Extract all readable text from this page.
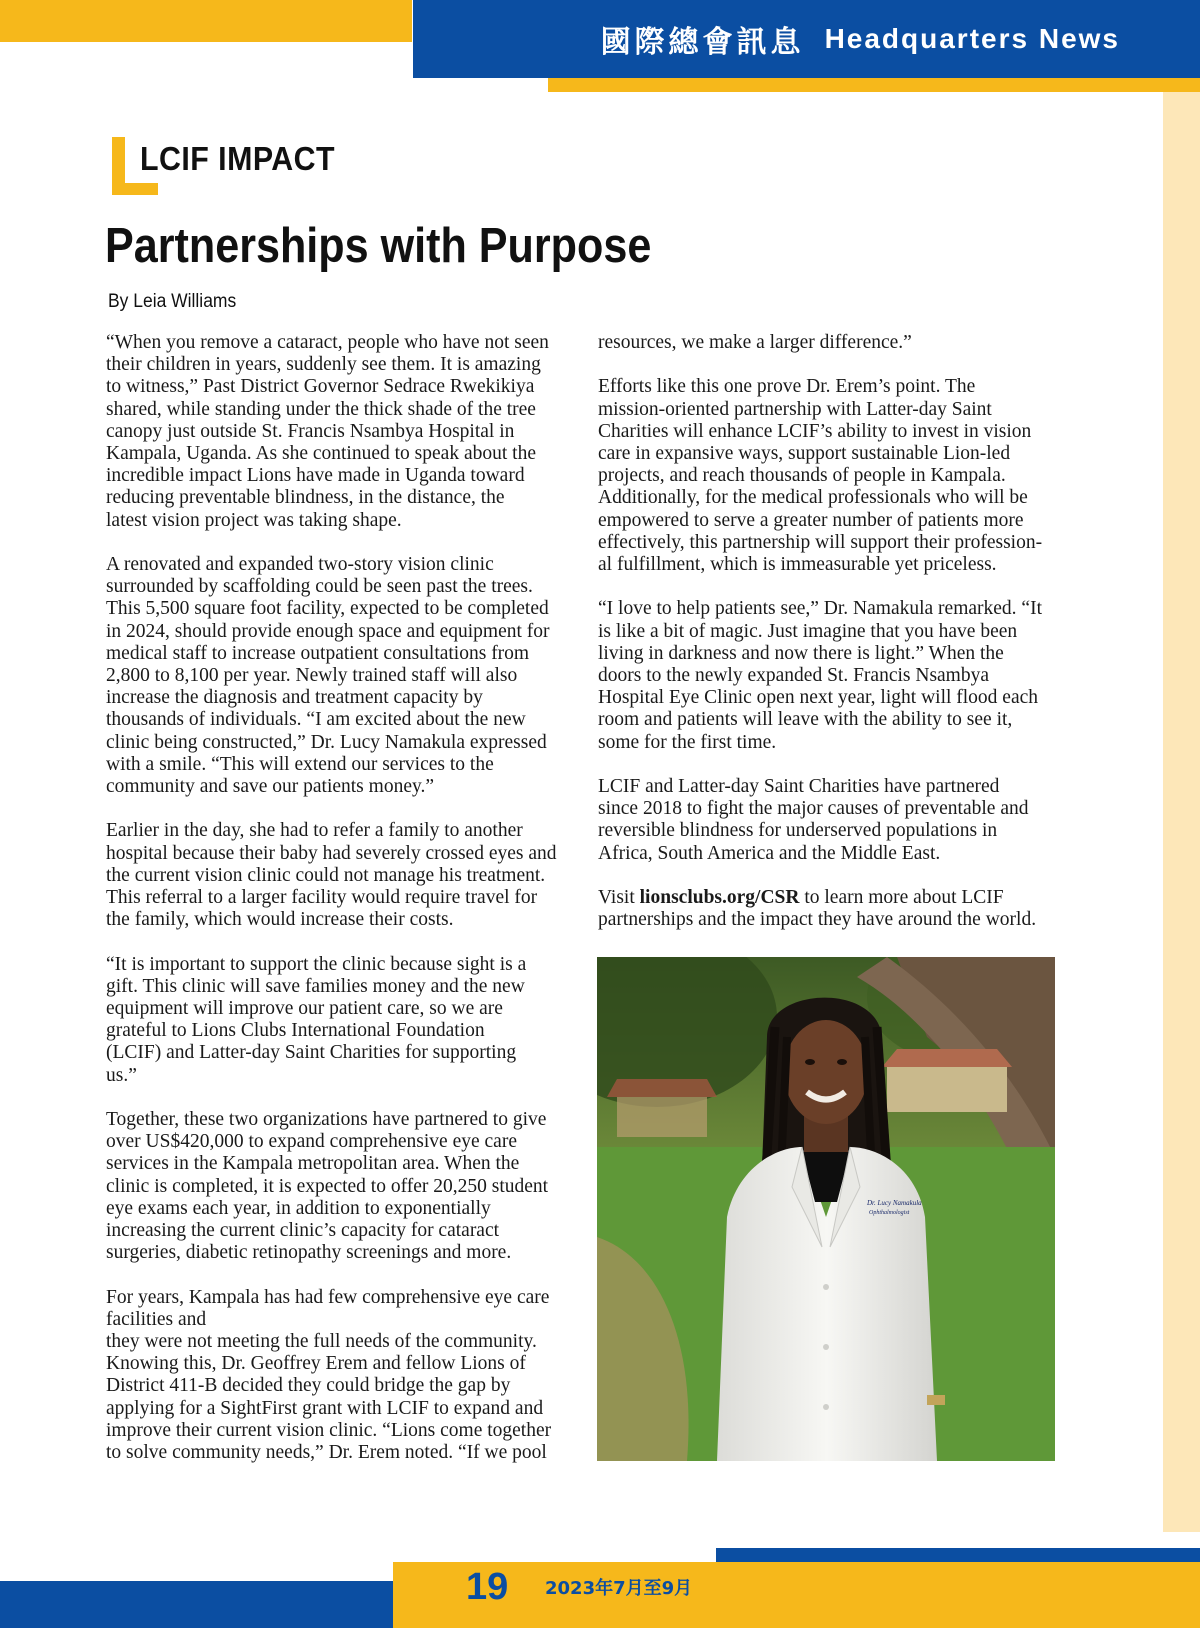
國際總會訊息 Headquarters News
LCIF IMPACT
Partnerships with Purpose
By Leia Williams

“When you remove a cataract, people who have not seen
their children in years, suddenly see them. It is amazing
to witness,” Past District Governor Sedrace Rwekikiya
shared, while standing under the thick shade of the tree
canopy just outside St. Francis Nsambya Hospital in
Kampala, Uganda. As she continued to speak about the
incredible impact Lions have made in Uganda toward
reducing preventable blindness, in the distance, the
latest vision project was taking shape.

A renovated and expanded two-story vision clinic
surrounded by scaffolding could be seen past the trees.
This 5,500 square foot facility, expected to be completed
in 2024, should provide enough space and equipment for
medical staff to increase outpatient consultations from
2,800 to 8,100 per year. Newly trained staff will also
increase the diagnosis and treatment capacity by
thousands of individuals. “I am excited about the new
clinic being constructed,” Dr. Lucy Namakula expressed
with a smile. “This will extend our services to the
community and save our patients money.”

Earlier in the day, she had to refer a family to another
hospital because their baby had severely crossed eyes and
the current vision clinic could not manage his treatment.
This referral to a larger facility would require travel for
the family, which would increase their costs.

“It is important to support the clinic because sight is a
gift. This clinic will save families money and the new
equipment will improve our patient care, so we are
grateful to Lions Clubs International Foundation
(LCIF) and Latter-day Saint Charities for supporting
us.”

Together, these two organizations have partnered to give
over US$420,000 to expand comprehensive eye care
services in the Kampala metropolitan area. When the
clinic is completed, it is expected to offer 20,250 student
eye exams each year, in addition to exponentially
increasing the current clinic’s capacity for cataract
surgeries, diabetic retinopathy screenings and more.

For years, Kampala has had few comprehensive eye care
facilities and
they were not meeting the full needs of the community.
Knowing this, Dr. Geoffrey Erem and fellow Lions of
District 411-B decided they could bridge the gap by
applying for a SightFirst grant with LCIF to expand and
improve their current vision clinic. “Lions come together
to solve community needs,” Dr. Erem noted. “If we pool

resources, we make a larger difference.”

Efforts like this one prove Dr. Erem’s point. The
mission-oriented partnership with Latter-day Saint
Charities will enhance LCIF’s ability to invest in vision
care in expansive ways, support sustainable Lion-led
projects, and reach thousands of people in Kampala.
Additionally, for the medical professionals who will be
empowered to serve a greater number of patients more
effectively, this partnership will support their profession-
al fulfillment, which is immeasurable yet priceless.

“I love to help patients see,” Dr. Namakula remarked. “It
is like a bit of magic. Just imagine that you have been
living in darkness and now there is light.” When the
doors to the newly expanded St. Francis Nsambya
Hospital Eye Clinic open next year, light will flood each
room and patients will leave with the ability to see it,
some for the first time.

LCIF and Latter-day Saint Charities have partnered
since 2018 to fight the major causes of preventable and
reversible blindness for underserved populations in
Africa, South America and the Middle East.

Visit lionsclubs.org/CSR to learn more about LCIF
partnerships and the impact they have around the world.

Dr. Lucy Namakula
Ophthalmologist
19 2023年7月至9月
